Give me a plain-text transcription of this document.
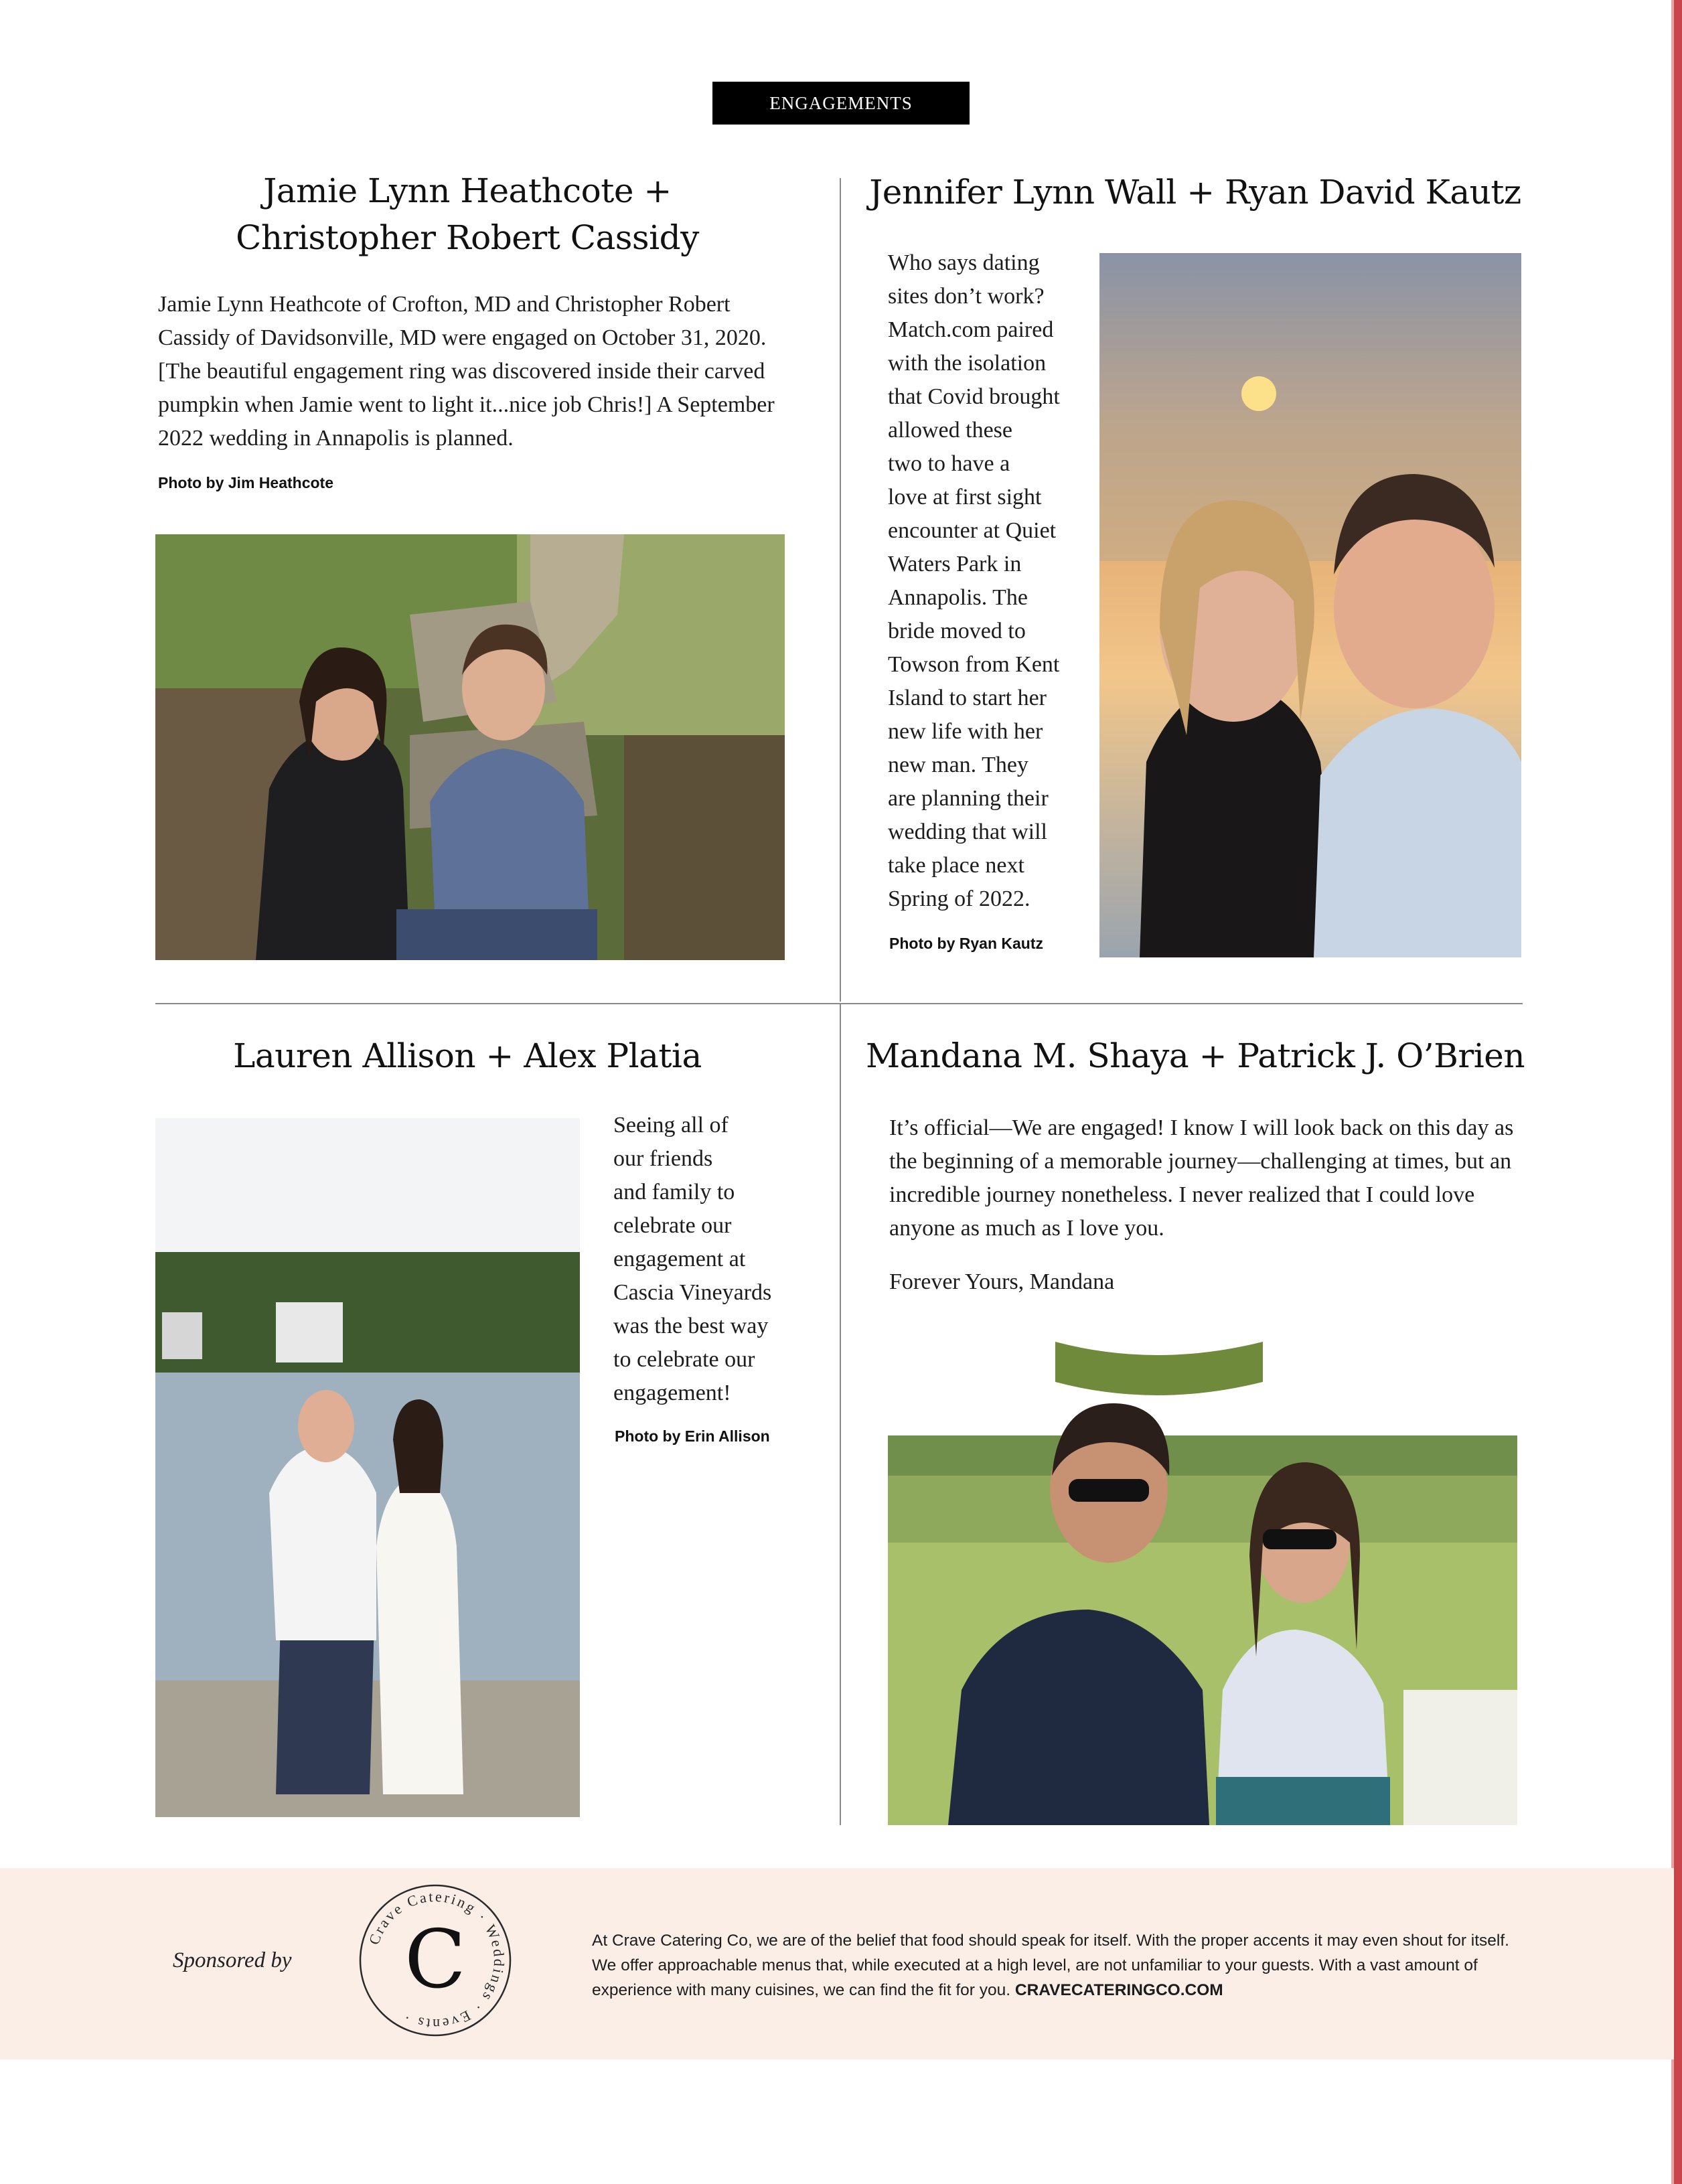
ENGAGEMENTS
Jamie Lynn Heathcote +
Christopher Robert Cassidy
Jamie Lynn Heathcote of Crofton, MD and Christopher Robert Cassidy of Davidsonville, MD were engaged on October 31, 2020. [The beautiful engagement ring was discovered inside their carved pumpkin when Jamie went to light it...nice job Chris!] A September 2022 wedding in Annapolis is planned.
Photo by Jim Heathcote
Jennifer Lynn Wall + Ryan David Kautz
Who says dating
sites don’t work?
Match.com paired
with the isolation
that Covid brought
allowed these
two to have a
love at first sight
encounter at Quiet
Waters Park in
Annapolis. The
bride moved to
Towson from Kent
Island to start her
new life with her
new man. They
are planning their
wedding that will
take place next
Spring of 2022.
Photo by Ryan Kautz
Lauren Allison + Alex Platia
Seeing all of
our friends
and family to
celebrate our
engagement at
Cascia Vineyards
was the best way
to celebrate our
engagement!
Photo by Erin Allison
Mandana M. Shaya + Patrick J. O’Brien
It’s official—We are engaged! I know I will look back on this day as the beginning of a memorable journey—challenging at times, but an incredible journey nonetheless. I never realized that I could love anyone as much as I love you.
Forever Yours, Mandana
Sponsored by
Crave Catering · Weddings · Events ·
C	At Crave Catering Co, we are of the belief that food should speak for itself. With the proper accents it may even shout for itself. We offer approachable menus that, while executed at a high level, are not unfamiliar to your guests. With a vast amount of experience with many cuisines, we can find the fit for you. CRAVECATERINGCO.COM
